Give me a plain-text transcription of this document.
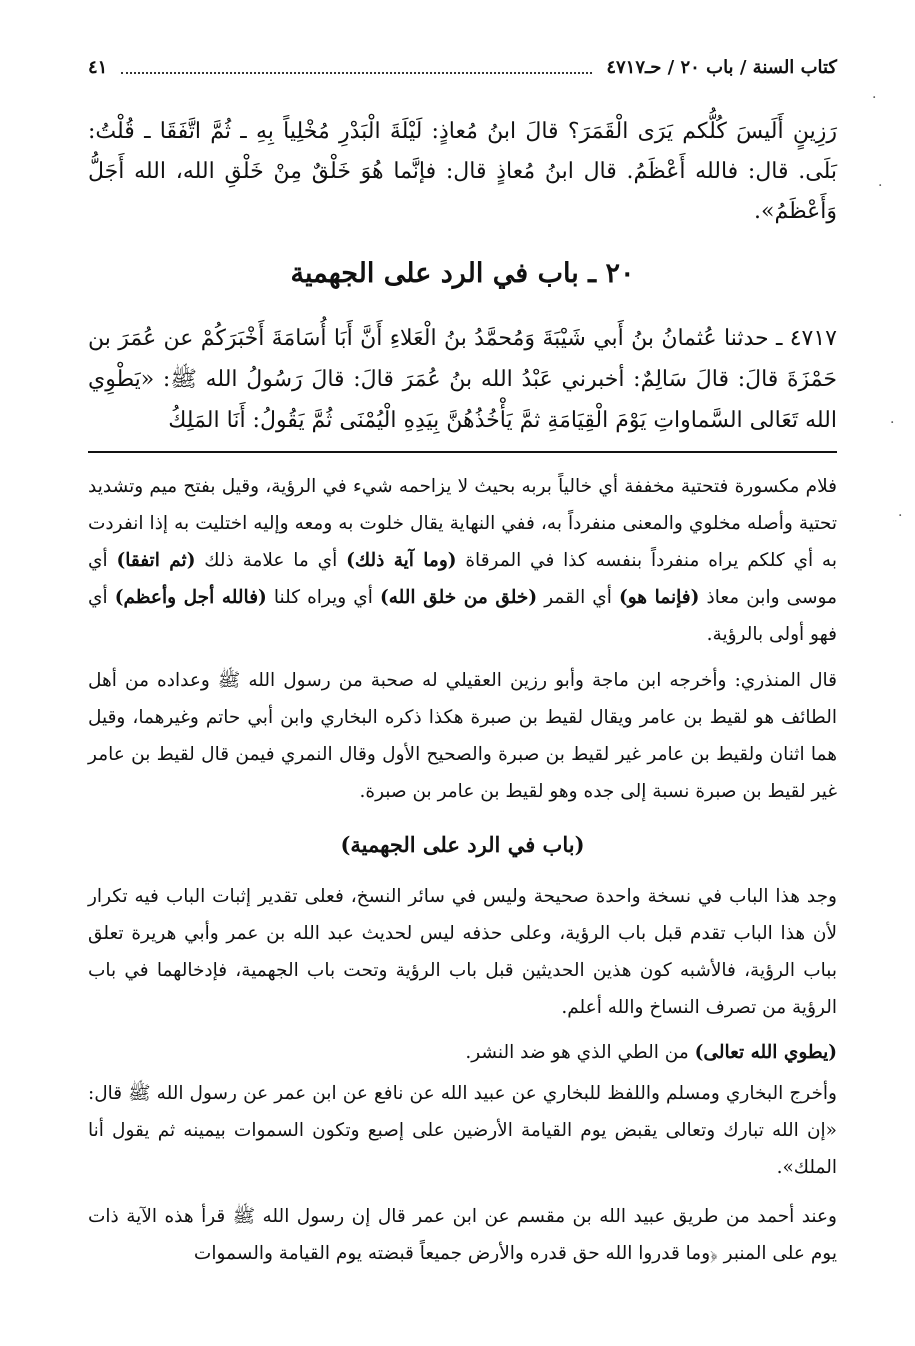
كتاب السنة / باب ٢٠ / حـ٤٧١٧
٤١
رَزِينٍ أَلَيسَ كُلُّكم يَرَى الْقَمَرَ؟ قالَ ابنُ مُعاذٍ: لَيْلَةَ الْبَدْرِ مُخْلِياً بِهِ ـ ثُمَّ اتَّفَقَا ـ قُلْتُ: بَلَى. قال: فالله أَعْظَمُ. قال ابنُ مُعاذٍ قال: فإنَّما هُوَ خَلْقٌ مِنْ خَلْقِ الله، الله أَجَلُّ وَأَعْظَمُ».
٢٠ ـ باب في الرد على الجهمية
٤٧١٧ ـ حدثنا عُثمانُ بنُ أَبي شَيْبَةَ وَمُحمَّدُ بنُ الْعَلاءِ أَنَّ أَبَا أُسَامَةَ أَخْبَرَكُمْ عن عُمَرَ بن حَمْزَةَ قالَ: قالَ سَالِمٌ: أخبرني عَبْدُ الله بنُ عُمَرَ قالَ: قالَ رَسُولُ الله ﷺ: «يَطْوِي الله تَعَالى السَّماواتِ يَوْمَ الْقِيَامَةِ ثمَّ يَأْخُذُهُنَّ بِيَدِهِ الْيُمْنَى ثُمَّ يَقُولُ: أَنَا المَلِكُ
فلام مكسورة فتحتية مخففة أي خالياً بربه بحيث لا يزاحمه شيء في الرؤية، وقيل بفتح ميم وتشديد تحتية وأصله مخلوي والمعنى منفرداً به، ففي النهاية يقال خلوت به ومعه وإليه اختليت به إذا انفردت به أي كلكم يراه منفرداً بنفسه كذا في المرقاة (وما آية ذلك) أي ما علامة ذلك (ثم اتفقا) أي موسى وابن معاذ (فإنما هو) أي القمر (خلق من خلق الله) أي ويراه كلنا (فالله أجل وأعظم) أي فهو أولى بالرؤية.
قال المنذري: وأخرجه ابن ماجة وأبو رزين العقيلي له صحبة من رسول الله ﷺ وعداده من أهل الطائف هو لقيط بن عامر ويقال لقيط بن صبرة هكذا ذكره البخاري وابن أبي حاتم وغيرهما، وقيل هما اثنان ولقيط بن عامر غير لقيط بن صبرة والصحيح الأول وقال النمري فيمن قال لقيط بن عامر غير لقيط بن صبرة نسبة إلى جده وهو لقيط بن عامر بن صبرة.
(باب في الرد على الجهمية)
وجد هذا الباب في نسخة واحدة صحيحة وليس في سائر النسخ، فعلى تقدير إثبات الباب فيه تكرار لأن هذا الباب تقدم قبل باب الرؤية، وعلى حذفه ليس لحديث عبد الله بن عمر وأبي هريرة تعلق بباب الرؤية، فالأشبه كون هذين الحديثين قبل باب الرؤية وتحت باب الجهمية، فإدخالهما في باب الرؤية من تصرف النساخ والله أعلم.
(يطوي الله تعالى) من الطي الذي هو ضد النشر.
وأخرج البخاري ومسلم واللفظ للبخاري عن عبيد الله عن نافع عن ابن عمر عن رسول الله ﷺ قال: «إن الله تبارك وتعالى يقبض يوم القيامة الأرضين على إصبع وتكون السموات بيمينه ثم يقول أنا الملك».
وعند أحمد من طريق عبيد الله بن مقسم عن ابن عمر قال إن رسول الله ﷺ قرأ هذه الآية ذات يوم على المنبر ﴿وما قدروا الله حق قدره والأرض جميعاً قبضته يوم القيامة والسموات
·
·
·
·
